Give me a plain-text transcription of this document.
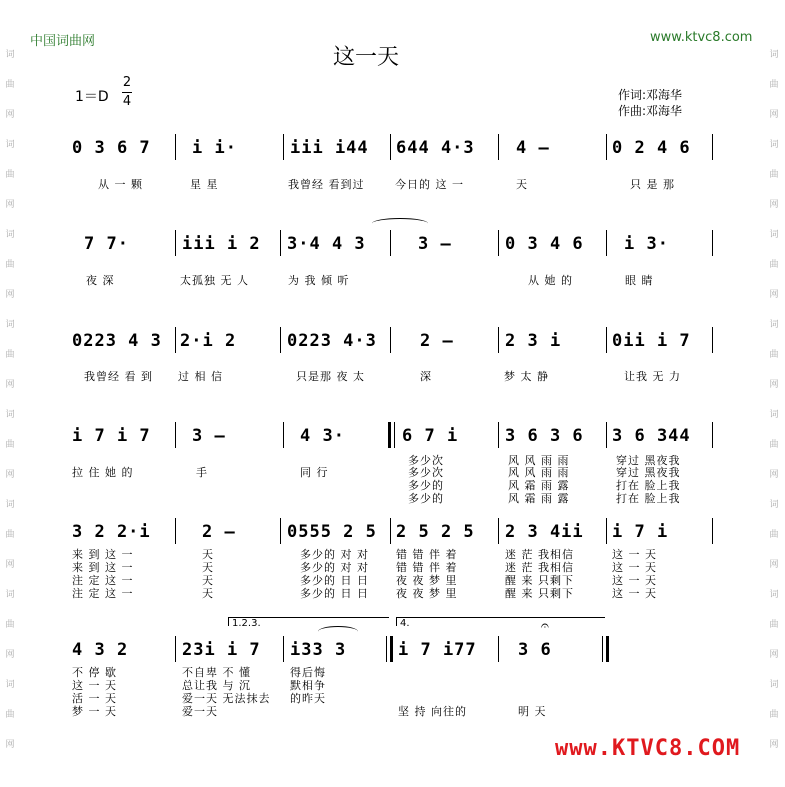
中国词曲网	www.ktvc8.com
这一天
1＝D
2
4	作词:邓海华
作曲:邓海华
词曲网词曲网词曲网词曲网词曲网词曲网词曲网词曲网
词曲网词曲网词曲网词曲网词曲网词曲网词曲网词曲网
0 3 6 7 i i·	iii i44 644 4·3 4 –	0 2 4 6
从 一 颗	星 星	我曾经 看到过	今日的 这 一	天	只 是 那
7 7·	iii i 2 3·4 4 3	3 –	0 3 4 6 i 3·
夜 深	太孤独 无 人	为 我 倾 听	从 她 的	眼 睛
0223 4 3 2·i 2	0223 4·3	2 –	2 3 i	0ii i 7
我曾经 看 到 过 相 信	只是那 夜 太	深	梦 太 静	让我 无 力
i 7 i 7 3 –	4 3·	6 7 i	3 6 3 6 3 6 344
拉 住 她 的	手	同 行
多少次	风 风 雨 雨	穿过 黑夜我
多少次	风 风 雨 雨	穿过 黑夜我
多少的	风 霜 雨 露	打在 脸上我
多少的	风 霜 雨 露	打在 脸上我
3 2 2·i	2 –	0555 2 5 2 5 2 5 2 3 4ii i 7 i
来 到 这 一	天	多少的 对 对 错 错 伴 着	迷 茫 我相信	这 一 天
来 到 这 一	天	多少的 对 对 错 错 伴 着	迷 茫 我相信	这 一 天
注 定 这 一	天	多少的 日 日 夜 夜 梦 里	醒 来 只剩下	这 一 天
注 定 这 一	天	多少的 日 日 夜 夜 梦 里	醒 来 只剩下	这 一 天
1.2.3.	4.	𝄐
4 3 2	23i i 7 i33 3	i 7 i77 3 6
不 停 歇	不自卑 不 懂	得后悔
这 一 天	总让我 与 沉	默相争
活 一 天	爱一天 无法抹去 的昨天
梦 一 天	爱一天	坚 持 向往的	明 天
www.KTVC8.COM
